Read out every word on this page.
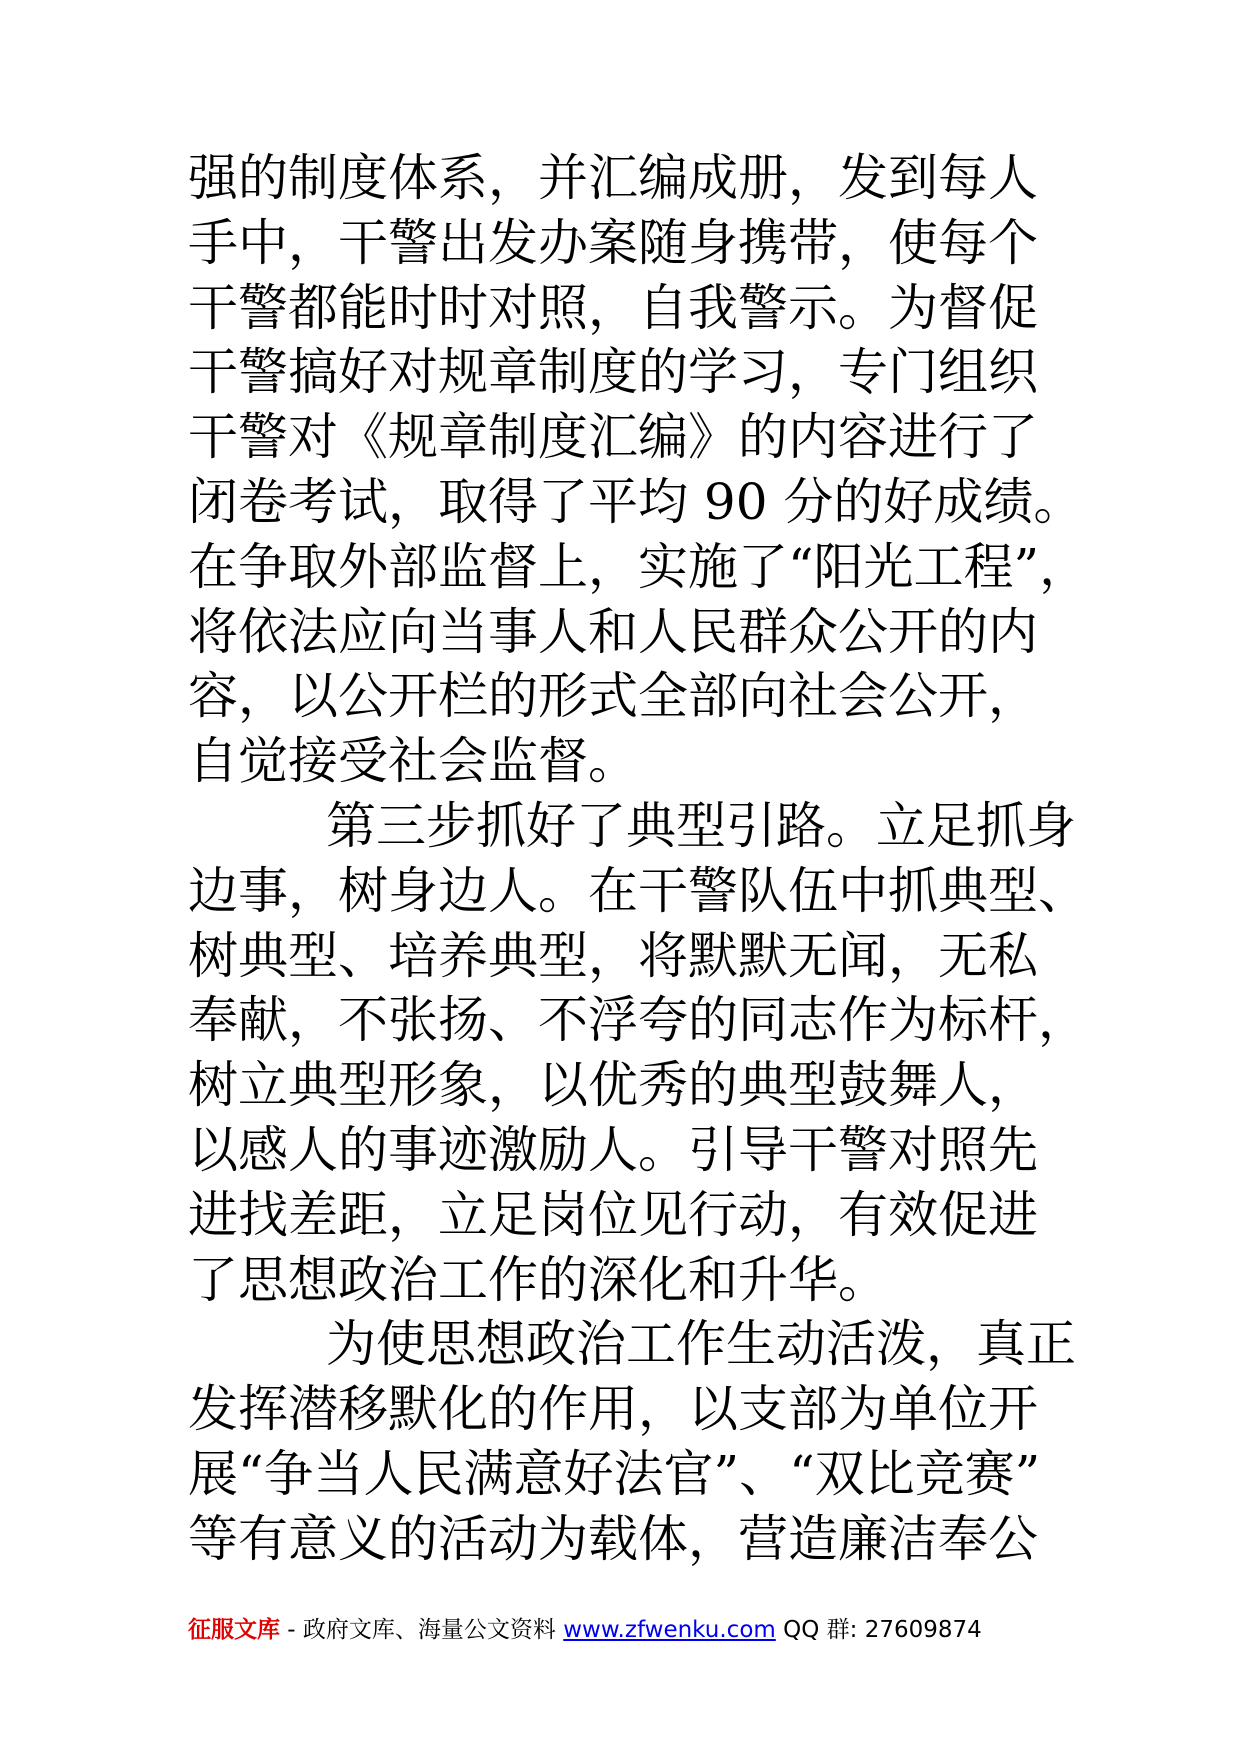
强的制度体系，并汇编成册，发到每人
手中，干警出发办案随身携带，使每个
干警都能时时对照，自我警示。为督促
干警搞好对规章制度的学习，专门组织
干警对《规章制度汇编》的内容进行了
闭卷考试，取得了平均 90 分的好成绩。
在争取外部监督上，实施了“阳光工程”，
将依法应向当事人和人民群众公开的内
容，以公开栏的形式全部向社会公开，
自觉接受社会监督。
第三步抓好了典型引路。立足抓身
边事，树身边人。在干警队伍中抓典型、
树典型、培养典型，将默默无闻，无私
奉献，不张扬、不浮夸的同志作为标杆，
树立典型形象，以优秀的典型鼓舞人，
以感人的事迹激励人。引导干警对照先
进找差距，立足岗位见行动，有效促进
了思想政治工作的深化和升华。
为使思想政治工作生动活泼，真正
发挥潜移默化的作用，以支部为单位开
展“争当人民满意好法官”、“双比竞赛”
等有意义的活动为载体，营造廉洁奉公
征服文库 - 政府文库、海量公文资料 www.zfwenku.com QQ 群: 27609874
